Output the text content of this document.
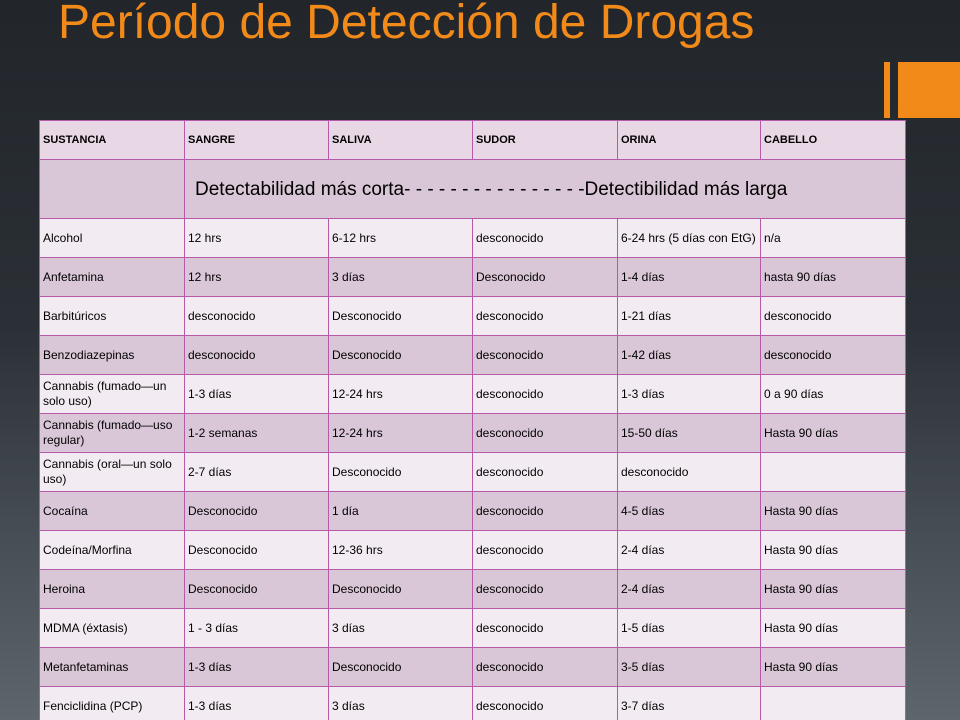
Período de Detección de Drogas
SUSTANCIA	SANGRE	SALIVA	SUDOR	ORINA	CABELLO
	Detectabilidad más corta- - - - - - - - - - - - - - - -Detectibilidad más larga				
Alcohol	12 hrs	6-12 hrs	desconocido	6-24 hrs (5 días con EtG)	n/a
Anfetamina	12 hrs	3 días	Desconocido	1-4 días	hasta 90 días
Barbitúricos	desconocido	Desconocido	desconocido	1-21 días	desconocido
Benzodiazepinas	desconocido	Desconocido	desconocido	1-42 días	desconocido
Cannabis (fumado—un solo uso)	1-3 días	12-24 hrs	desconocido	1-3 días	0 a 90 días
Cannabis (fumado—uso regular)	1-2 semanas	12-24 hrs	desconocido	15-50 días	Hasta 90 días
Cannabis (oral—un solo uso)	2-7 días	Desconocido	desconocido	desconocido	
Cocaína	Desconocido	1 día	desconocido	4-5 días	Hasta 90 días
Codeína/Morfina	Desconocido	12-36 hrs	desconocido	2-4 días	Hasta 90 días
Heroina	Desconocido	Desconocido	desconocido	2-4 días	Hasta 90 días
MDMA (éxtasis)	1 - 3 días	3 días	desconocido	1-5 días	Hasta 90 días
Metanfetaminas	1-3 días	Desconocido	desconocido	3-5 días	Hasta 90 días
Fenciclidina (PCP)	1-3 días	3 días	desconocido	3-7 días	
